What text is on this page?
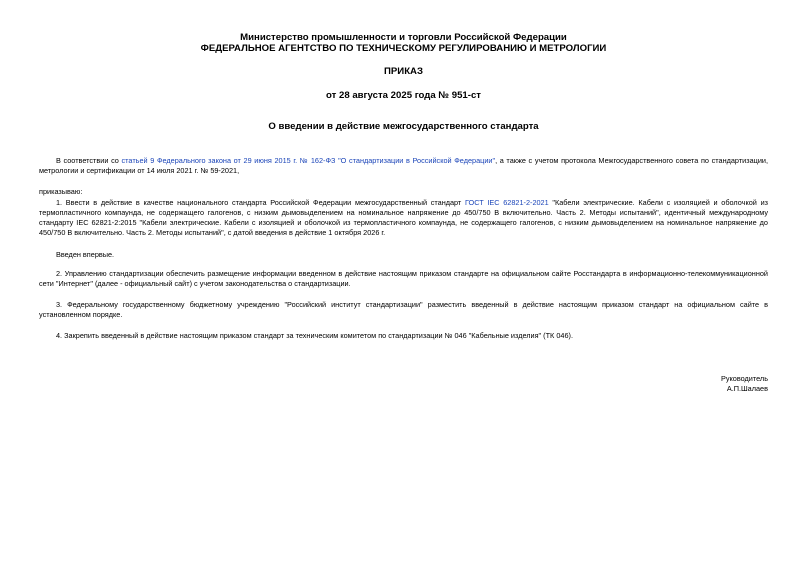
Министерство промышленности и торговли Российской Федерации
ФЕДЕРАЛЬНОЕ АГЕНТСТВО ПО ТЕХНИЧЕСКОМУ РЕГУЛИРОВАНИЮ И МЕТРОЛОГИИ
ПРИКАЗ
от 28 августа 2025 года № 951-ст
О введении в действие межгосударственного стандарта
В соответствии со статьей 9 Федерального закона от 29 июня 2015 г. № 162-ФЗ "О стандартизации в Российской Федерации", а также с учетом протокола Межгосударственного совета по стандартизации, метрологии и сертификации от 14 июля 2021 г. № 59-2021,
приказываю:
1. Ввести в действие в качестве национального стандарта Российской Федерации межгосударственный стандарт ГОСТ IEC 62821-2-2021 "Кабели электрические. Кабели с изоляцией и оболочкой из термопластичного компаунда, не содержащего галогенов, с низким дымовыделением на номинальное напряжение до 450/750 В включительно. Часть 2. Методы испытаний", идентичный международному стандарту IEC 62821-2:2015 "Кабели электрические. Кабели с изоляцией и оболочкой из термопластичного компаунда, не содержащего галогенов, с низким дымовыделением на номинальное напряжение до 450/750 В включительно. Часть 2. Методы испытаний", с датой введения в действие 1 октября 2026 г.
Введен впервые.
2. Управлению стандартизации обеспечить размещение информации введенном в действие настоящим приказом стандарте на официальном сайте Росстандарта в информационно-телекоммуникационной сети "Интернет" (далее - официальный сайт) с учетом законодательства о стандартизации.
3. Федеральному государственному бюджетному учреждению "Российский институт стандартизации" разместить введенный в действие настоящим приказом стандарт на официальном сайте в установленном порядке.
4. Закрепить введенный в действие настоящим приказом стандарт за техническим комитетом по стандартизации № 046 "Кабельные изделия" (ТК 046).
Руководитель
А.П.Шалаев
